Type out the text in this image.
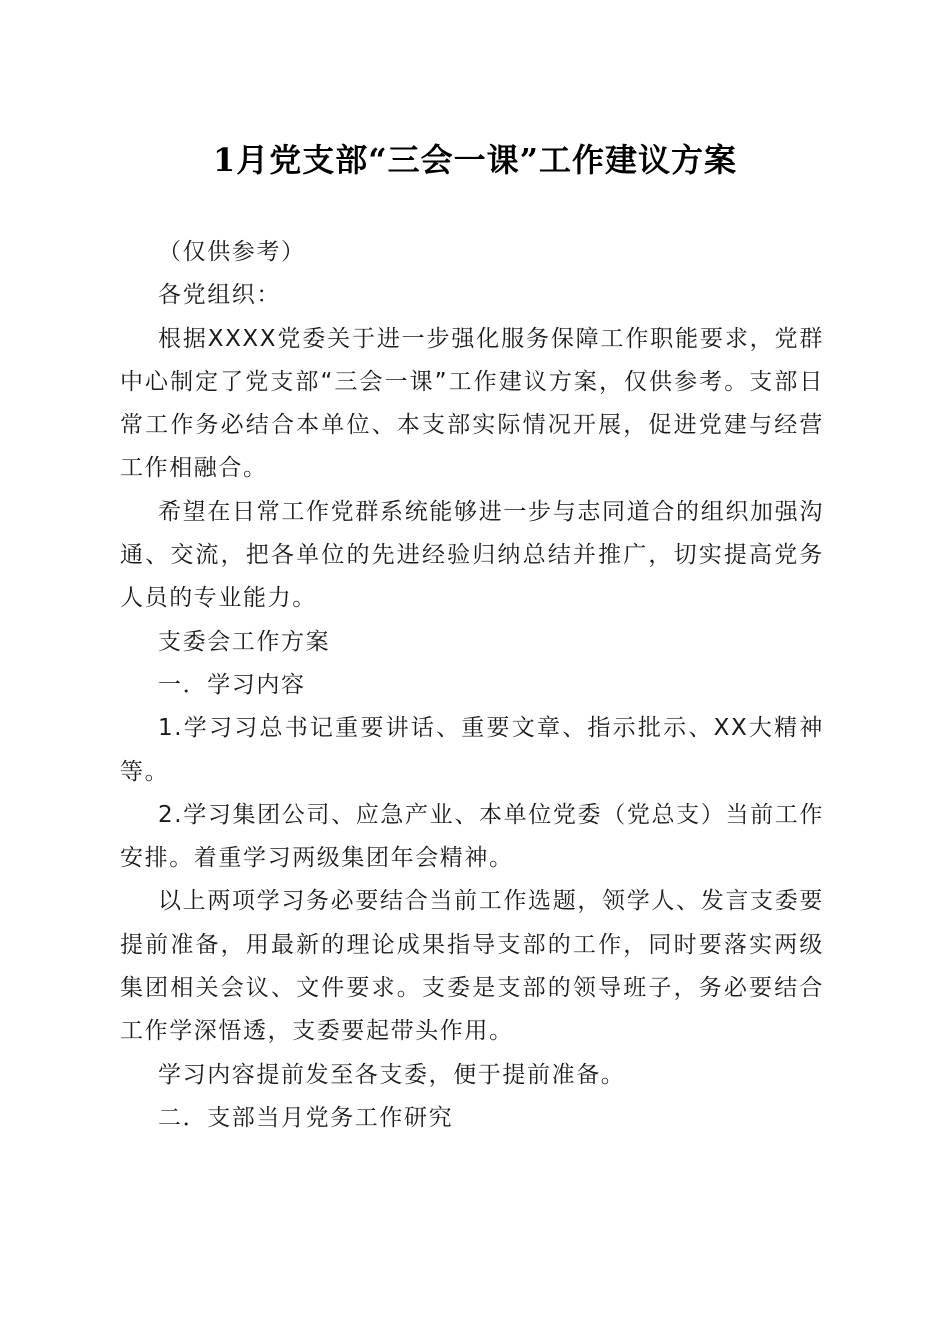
1月党支部“三会一课”工作建议方案

（仅供参考）

各党组织：

根据XXXX党委关于进一步强化服务保障工作职能要求，党群中心制定了党支部“三会一课”工作建议方案，仅供参考。支部日常工作务必结合本单位、本支部实际情况开展，促进党建与经营工作相融合。

希望在日常工作党群系统能够进一步与志同道合的组织加强沟通、交流，把各单位的先进经验归纳总结并推广，切实提高党务人员的专业能力。

支委会工作方案

一．学习内容

1.学习习总书记重要讲话、重要文章、指示批示、XX大精神等。

2.学习集团公司、应急产业、本单位党委（党总支）当前工作安排。着重学习两级集团年会精神。

以上两项学习务必要结合当前工作选题，领学人、发言支委要提前准备，用最新的理论成果指导支部的工作，同时要落实两级集团相关会议、文件要求。支委是支部的领导班子，务必要结合工作学深悟透，支委要起带头作用。

学习内容提前发至各支委，便于提前准备。

二．支部当月党务工作研究
